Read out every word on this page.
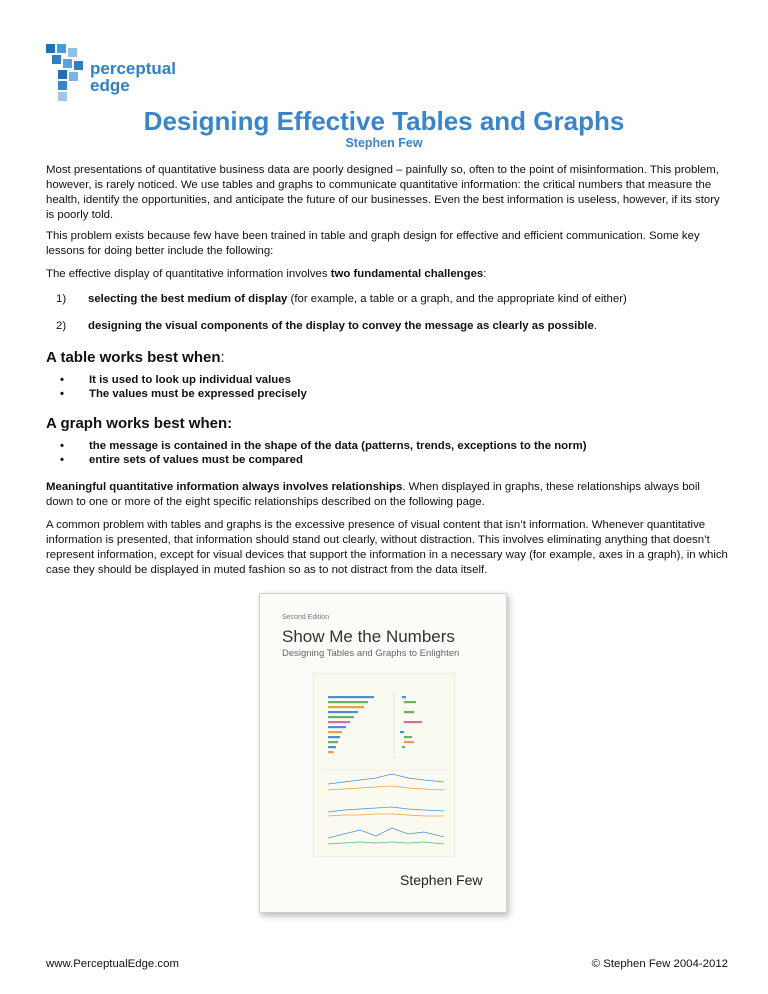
perceptual
edge
Designing Effective Tables and Graphs
Stephen Few

Most presentations of quantitative business data are poorly designed – painfully so, often to the point of misinformation. This problem, however, is rarely noticed. We use tables and graphs to communicate quantitative information: the critical numbers that measure the health, identify the opportunities, and anticipate the future of our businesses. Even the best information is useless, however, if its story is poorly told.

This problem exists because few have been trained in table and graph design for effective and efficient communication. Some key lessons for doing better include the following:

The effective display of quantitative information involves two fundamental challenges:

1) selecting the best medium of display (for example, a table or a graph, and the appropriate kind of either)
2) designing the visual components of the display to convey the message as clearly as possible.
A table works best when:
• It is used to look up individual values
• The values must be expressed precisely
A graph works best when:
• the message is contained in the shape of the data (patterns, trends, exceptions to the norm)
• entire sets of values must be compared

Meaningful quantitative information always involves relationships. When displayed in graphs, these relationships always boil down to one or more of the eight specific relationships described on the following page.

A common problem with tables and graphs is the excessive presence of visual content that isn’t information. Whenever quantitative information is presented, that information should stand out clearly, without distraction. This involves eliminating anything that doesn’t represent information, except for visual devices that support the information in a necessary way (for example, axes in a graph), in which case they should be displayed in muted fashion so as to not distract from the data itself.

Second Edition
Show Me the Numbers
Designing Tables and Graphs to Enlighten
Stephen Few
www.PerceptualEdge.com	© Stephen Few 2004-2012
